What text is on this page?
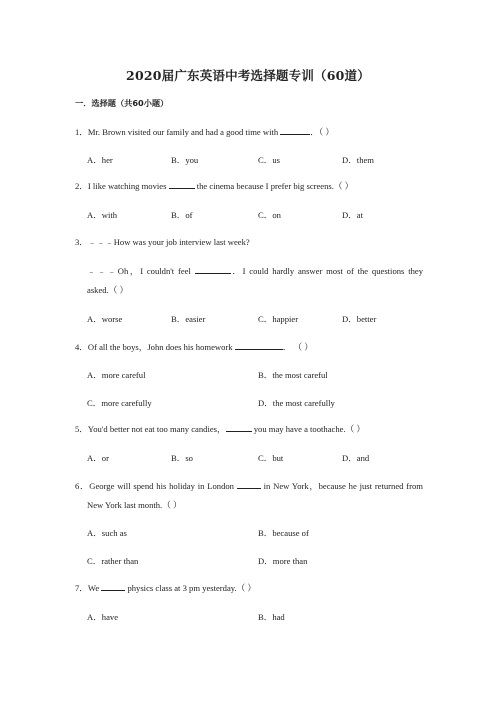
2020届广东英语中考选择题专训（60道）
一．选择题（共60小题）
1．Mr. Brown visited our family and had a good time with	．（ ）
A．her	B．you	C．us	D．them
2．I like watching movies	the cinema because I prefer big screens.（ ）
A．with	B．of	C．on	D．at
3．﹣﹣﹣How was your job interview last week?
﹣﹣﹣Oh，I couldn't feel	．I could hardly answer most of the questions they
asked.（ ）
A．worse	B．easier	C．happier	D．better
4．Of all the boys，John does his homework	． （ ）
A．more careful	B．the most careful
C．more carefully	D．the most carefully
5．You'd better not eat too many candies，	you may have a toothache.（ ）
A．or	B．so	C．but	D．and
6．George will spend his holiday in London	in New York，because he just returned from
New York last month.（ ）
A．such as	B．because of
C．rather than	D．more than
7．We	physics class at 3 pm yesterday.（ ）
A．have	B．had
